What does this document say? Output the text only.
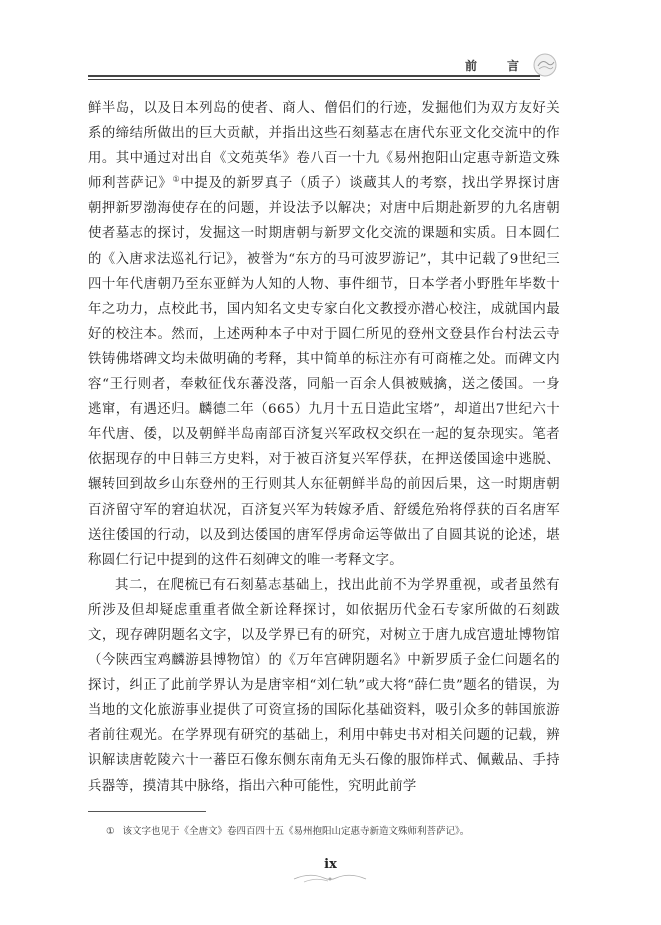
前　言

鲜半岛，以及日本列岛的使者、商人、僧侣们的行迹，发掘他们为双方友好关系的缔结所做出的巨大贡献，并指出这些石刻墓志在唐代东亚文化交流中的作用。其中通过对出自《文苑英华》卷八百一十九《易州抱阳山定惠寺新造文殊师利菩萨记》①中提及的新罗真子（质子）谈蔵其人的考察，找出学界探讨唐朝押新罗渤海使存在的问题，并设法予以解决；对唐中后期赴新罗的九名唐朝使者墓志的探讨，发掘这一时期唐朝与新罗文化交流的课题和实质。日本圆仁的《入唐求法巡礼行记》，被誉为“东方的马可波罗游记”，其中记载了9世纪三四十年代唐朝乃至东亚鲜为人知的人物、事件细节，日本学者小野胜年毕数十年之功力，点校此书，国内知名文史专家白化文教授亦潜心校注，成就国内最好的校注本。然而，上述两种本子中对于圆仁所见的登州文登县作台村法云寺铁铸佛塔碑文均未做明确的考释，其中简单的标注亦有可商榷之处。而碑文内容“王行则者，奉敕征伐东蕃没落，同船一百余人俱被贼擒，送之倭国。一身逃窜，有遇还归。麟德二年（665）九月十五日造此宝塔”，却道出7世纪六十年代唐、倭，以及朝鲜半岛南部百济复兴军政权交织在一起的复杂现实。笔者依据现存的中日韩三方史料，对于被百济复兴军俘获，在押送倭国途中逃脱、辗转回到故乡山东登州的王行则其人东征朝鲜半岛的前因后果，这一时期唐朝百济留守军的窘迫状况，百济复兴军为转嫁矛盾、舒缓危殆将俘获的百名唐军送往倭国的行动，以及到达倭国的唐军俘虏命运等做出了自圆其说的论述，堪称圆仁行记中提到的这件石刻碑文的唯一考释文字。

其二，在爬梳已有石刻墓志基础上，找出此前不为学界重视，或者虽然有所涉及但却疑虑重重者做全新诠释探讨，如依据历代金石专家所做的石刻跋文，现存碑阴题名文字，以及学界已有的研究，对树立于唐九成宫遗址博物馆（今陕西宝鸡麟游县博物馆）的《万年宫碑阴题名》中新罗质子金仁问题名的探讨，纠正了此前学界认为是唐宰相“刘仁轨”或大将“薛仁贵”题名的错误，为当地的文化旅游事业提供了可资宣扬的国际化基础资料，吸引众多的韩国旅游者前往观光。在学界现有研究的基础上，利用中韩史书对相关问题的记载，辨识解读唐乾陵六十一蕃臣石像东侧东南角无头石像的服饰样式、佩戴品、手持兵器等，摸清其中脉络，指出六种可能性，究明此前学

① 该文字也见于《全唐文》卷四百四十五《易州抱阳山定惠寺新造文殊师利菩萨记》。
ix
